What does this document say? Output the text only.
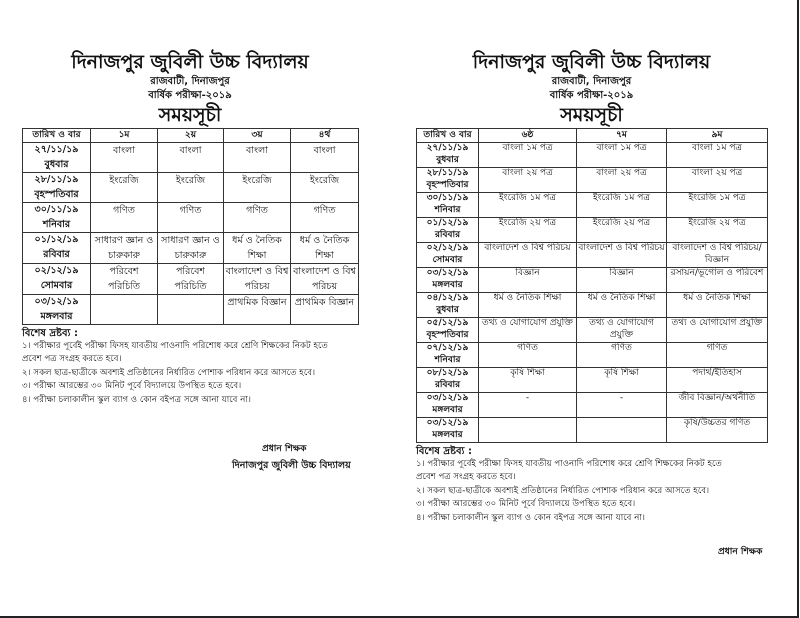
দিনাজপুর জুবিলী উচ্চ বিদ্যালয়
রাজবাটী, দিনাজপুর
বার্ষিক পরীক্ষা-২০১৯
সময়সূচী
তারিখ ও বার	১ম	২য়	৩য়	৪র্থ

২৭/১১/১৯
বুধবার	বাংলা	বাংলা	বাংলা	বাংলা

২৮/১১/১৯
বৃহস্পতিবার	ইংরেজি	ইংরেজি	ইংরেজি	ইংরেজি

৩০/১১/১৯
শনিবার	গণিত	গণিত	গণিত	গণিত

০১/১২/১৯
রবিবার	সাধারণ জ্ঞান ও চারুকারু	সাধারণ জ্ঞান ও চারুকারু	ধর্ম ও নৈতিক শিক্ষা	ধর্ম ও নৈতিক শিক্ষা

০২/১২/১৯
সোমবার	পরিবেশ পরিচিতি	পরিবেশ পরিচিতি	বাংলাদেশ ও বিশ্ব পরিচয়	বাংলাদেশ ও বিশ্ব পরিচয়

০৩/১২/১৯
মঙ্গলবার			প্রাথমিক বিজ্ঞান	প্রাথমিক বিজ্ঞান
বিশেষ দ্রষ্টব্য :
১। পরীক্ষার পূর্বেই পরীক্ষা ফিসহ যাবতীয় পাওনাদি পরিশোধ করে শ্রেণি শিক্ষকের নিকট হতে
প্রবেশ পত্র সংগ্রহ করতে হবে।
২। সকল ছাত্র-ছাত্রীকে অবশ্যই প্রতিষ্ঠানের নির্ধারিত পোশাক পরিধান করে আসতে হবে।
৩। পরীক্ষা আরম্ভের ৩০ মিনিট পূর্বে বিদ্যালয়ে উপস্থিত হতে হবে।
৪। পরীক্ষা চলাকালীন স্কুল ব্যাগ ও কোন বইপত্র সঙ্গে আনা যাবে না।
প্রধান শিক্ষক
দিনাজপুর জুবিলী উচ্চ বিদ্যালয়
দিনাজপুর জুবিলী উচ্চ বিদ্যালয়
রাজবাটী, দিনাজপুর
বার্ষিক পরীক্ষা-২০১৯
সময়সূচী
তারিখ ও বার	৬ষ্ঠ	৭ম	৯ম

২৭/১১/১৯
বুধবার	বাংলা ১ম পত্র	বাংলা ১ম পত্র	বাংলা ১ম পত্র

২৮/১১/১৯
বৃহস্পতিবার	বাংলা ২য় পত্র	বাংলা ২য় পত্র	বাংলা ২য় পত্র

৩০/১১/১৯
শনিবার	ইংরেজি ১ম পত্র	ইংরেজি ১ম পত্র	ইংরেজি ১ম পত্র

০১/১২/১৯
রবিবার	ইংরেজি ২য় পত্র	ইংরেজি ২য় পত্র	ইংরেজি ২য় পত্র

০২/১২/১৯
সোমবার	বাংলাদেশ ও বিশ্ব পরিচয়	বাংলাদেশ ও বিশ্ব পরিচয়	বাংলাদেশ ও বিশ্ব পরিচয়/বিজ্ঞান

০৩/১২/১৯
মঙ্গলবার	বিজ্ঞান	বিজ্ঞান	রসায়ন/ভূগোল ও পরিবেশ

০৪/১২/১৯
বুধবার	ধর্ম ও নৈতিক শিক্ষা	ধর্ম ও নৈতিক শিক্ষা	ধর্ম ও নৈতিক শিক্ষা

০৫/১২/১৯
বৃহস্পতিবার	তথ্য ও যোগাযোগ প্রযুক্তি	তথ্য ও যোগাযোগ প্রযুক্তি	তথ্য ও যোগাযোগ প্রযুক্তি

০৭/১২/১৯
শনিবার	গণিত	গণিত	গণিত

০৮/১২/১৯
রবিবার	কৃষি শিক্ষা	কৃষি শিক্ষা	পদার্থ/ইতিহাস

০৩/১২/১৯
মঙ্গলবার	-	-	জীব বিজ্ঞান/অর্থনীতি

০৩/১২/১৯
মঙ্গলবার			কৃষি/উচ্চতর গণিত
বিশেষ দ্রষ্টব্য :
১। পরীক্ষার পূর্বেই পরীক্ষা ফিসহ যাবতীয় পাওনাদি পরিশোধ করে শ্রেণি শিক্ষকের নিকট হতে
প্রবেশ পত্র সংগ্রহ করতে হবে।
২। সকল ছাত্র-ছাত্রীকে অবশ্যই প্রতিষ্ঠানের নির্ধারিত পোশাক পরিধান করে আসতে হবে।
৩। পরীক্ষা আরম্ভের ৩০ মিনিট পূর্বে বিদ্যালয়ে উপস্থিত হতে হবে।
৪। পরীক্ষা চলাকালীন স্কুল ব্যাগ ও কোন বইপত্র সঙ্গে আনা যাবে না।
প্রধান শিক্ষক
